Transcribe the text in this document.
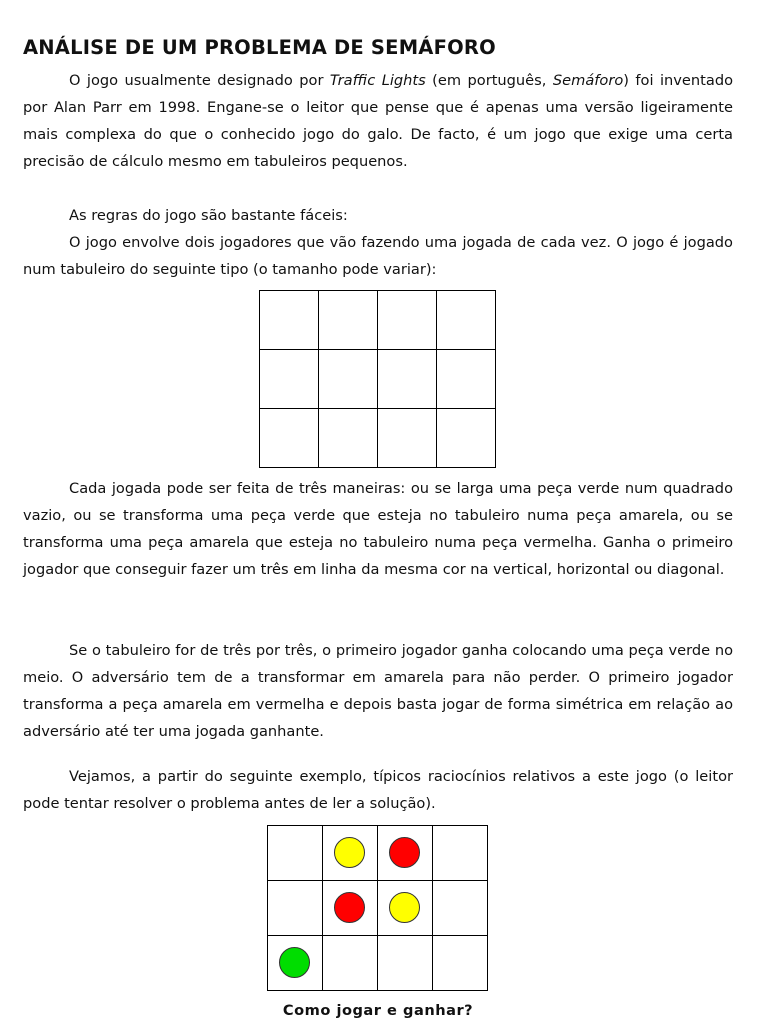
ANÁLISE DE UM PROBLEMA DE SEMÁFORO

O jogo usualmente designado por Traffic Lights (em português, Semáforo) foi inventado por Alan Parr em 1998. Engane-se o leitor que pense que é apenas uma versão ligeiramente mais complexa do que o conhecido jogo do galo. De facto, é um jogo que exige uma certa precisão de cálculo mesmo em tabuleiros pequenos.

As regras do jogo são bastante fáceis:

O jogo envolve dois jogadores que vão fazendo uma jogada de cada vez. O jogo é jogado num tabuleiro do seguinte tipo (o tamanho pode variar):

Cada jogada pode ser feita de três maneiras: ou se larga uma peça verde num quadrado vazio, ou se transforma uma peça verde que esteja no tabuleiro numa peça amarela, ou se transforma uma peça amarela que esteja no tabuleiro numa peça vermelha. Ganha o primeiro jogador que conseguir fazer um três em linha da mesma cor na vertical, horizontal ou diagonal.

Se o tabuleiro for de três por três, o primeiro jogador ganha colocando uma peça verde no meio. O adversário tem de a transformar em amarela para não perder. O primeiro jogador transforma a peça amarela em vermelha e depois basta jogar de forma simétrica em relação ao adversário até ter uma jogada ganhante.

Vejamos, a partir do seguinte exemplo, típicos raciocínios relativos a este jogo (o leitor pode tentar resolver o problema antes de ler a solução).

Como jogar e ganhar?
